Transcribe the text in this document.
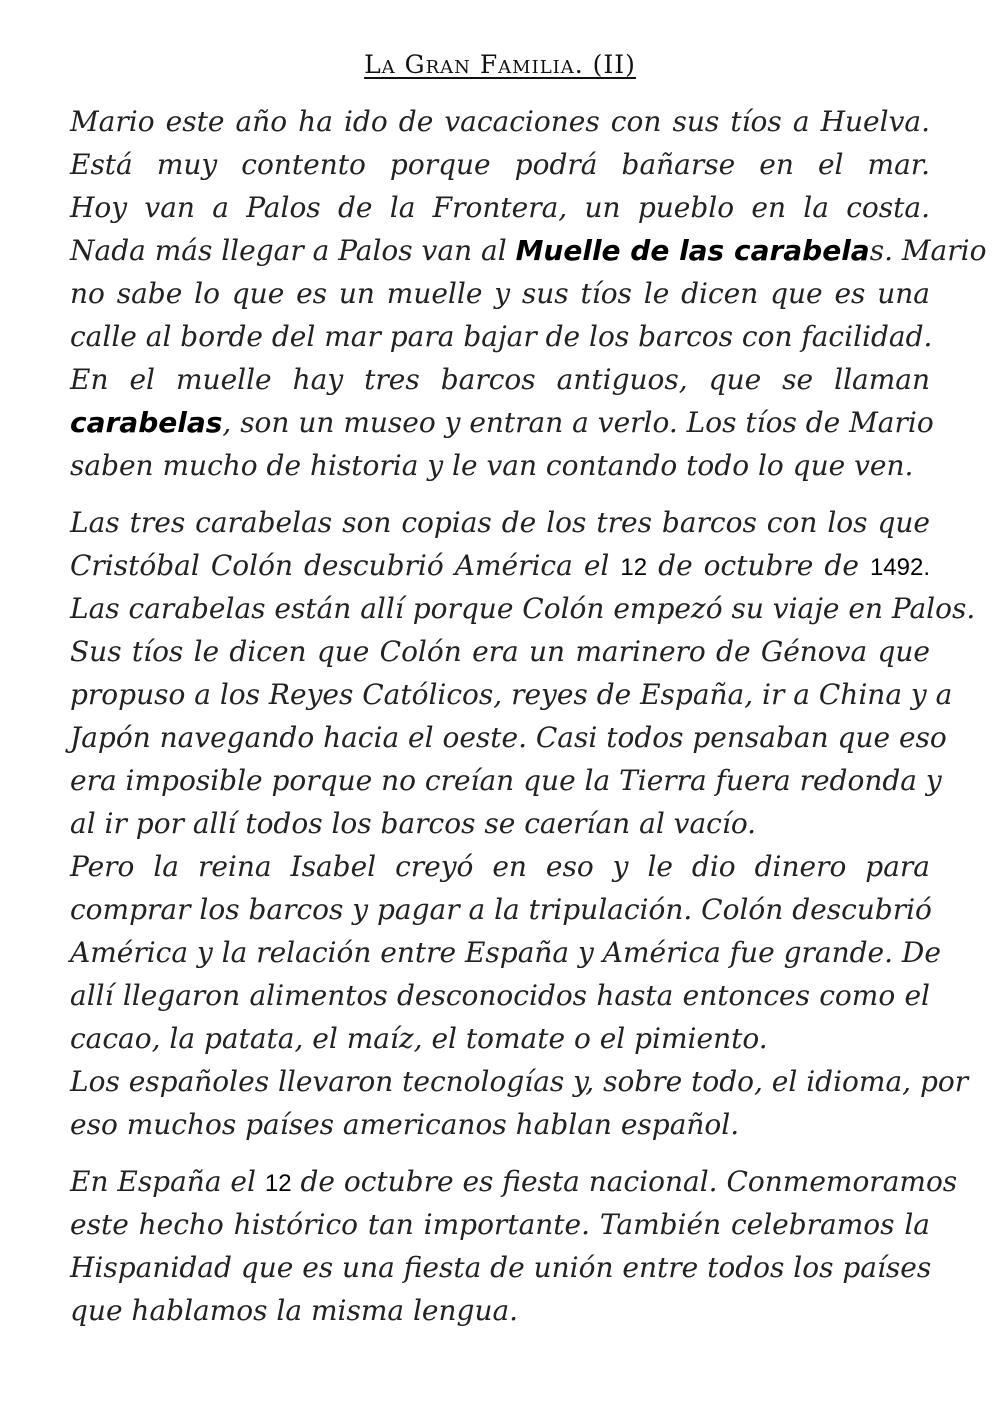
La Gran Familia. (II)
Mario este año ha ido de vacaciones con sus tíos a Huelva.
Está muy contento porque podrá bañarse en el mar.
Hoy van a Palos de la Frontera, un pueblo en la costa.
Nada más llegar a Palos van al Muelle de las carabelas. Mario
no sabe lo que es un muelle y sus tíos le dicen que es una
calle al borde del mar para bajar de los barcos con facilidad.
En el muelle hay tres barcos antiguos, que se llaman
carabelas, son un museo y entran a verlo. Los tíos de Mario
saben mucho de historia y le van contando todo lo que ven.
Las tres carabelas son copias de los tres barcos con los que
Cristóbal Colón descubrió América el 12 de octubre de 1492.
Las carabelas están allí porque Colón empezó su viaje en Palos.
Sus tíos le dicen que Colón era un marinero de Génova que
propuso a los Reyes Católicos, reyes de España, ir a China y a
Japón navegando hacia el oeste. Casi todos pensaban que eso
era imposible porque no creían que la Tierra fuera redonda y
al ir por allí todos los barcos se caerían al vacío.
Pero la reina Isabel creyó en eso y le dio dinero para
comprar los barcos y pagar a la tripulación. Colón descubrió
América y la relación entre España y América fue grande. De
allí llegaron alimentos desconocidos hasta entonces como el
cacao, la patata, el maíz, el tomate o el pimiento.
Los españoles llevaron tecnologías y, sobre todo, el idioma, por
eso muchos países americanos hablan español.
En España el 12 de octubre es fiesta nacional. Conmemoramos
este hecho histórico tan importante. También celebramos la
Hispanidad que es una fiesta de unión entre todos los países
que hablamos la misma lengua.
